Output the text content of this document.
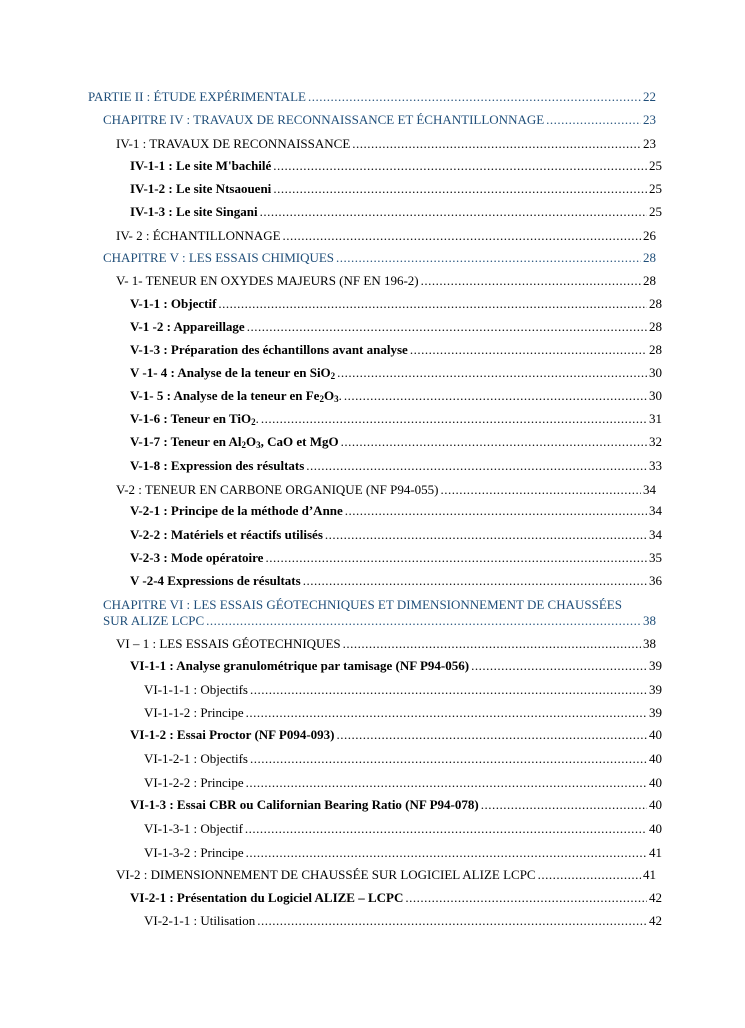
PARTIE II : ÉTUDE EXPÉRIMENTALE .....	22
CHAPITRE IV : TRAVAUX DE RECONNAISSANCE ET ÉCHANTILLONNAGE .....	23
IV-1 : TRAVAUX DE RECONNAISSANCE .....	23
IV-1-1 : Le site M'bachilé .....	25
IV-1-2 : Le site Ntsaoueni .....	25
IV-1-3 : Le site Singani .....	25
IV- 2 : ÉCHANTILLONNAGE .....	26
CHAPITRE V : LES ESSAIS CHIMIQUES .....	28
V- 1- TENEUR EN OXYDES MAJEURS (NF EN 196-2) .....	28
V-1-1 : Objectif .....	28
V-1 -2 : Appareillage .....	28
V-1-3 : Préparation des échantillons avant analyse .....	28
V -1- 4 : Analyse de la teneur en SiO$_2$ .....	30
V-1- 5 : Analyse de la teneur en $Fe_2O_3$. .....	30
V-1-6 : Teneur en TiO$_2$. .....	31
V-1-7 : Teneur en $Al_2O_3$, CaO et MgO .....	32
V-1-8 : Expression des résultats .....	33
V-2 : TENEUR EN CARBONE ORGANIQUE (NF P94-055) .....	34
V-2-1 : Principe de la méthode d’Anne .....	34
V-2-2 : Matériels et réactifs utilisés .....	34
V-2-3 : Mode opératoire .....	35
V -2-4 Expressions de résultats .....	36
CHAPITRE VI : LES ESSAIS GÉOTECHNIQUES ET DIMENSIONNEMENT DE CHAUSSÉES
SUR ALIZE LCPC .....	38
VI – 1 : LES ESSAIS GÉOTECHNIQUES .....	38
VI-1-1 : Analyse granulométrique par tamisage (NF P94-056) .....	39
VI-1-1-1 : Objectifs .....	39
VI-1-1-2 : Principe .....	39
VI-1-2 : Essai Proctor (NF P094-093) .....	40
VI-1-2-1 : Objectifs .....	40
VI-1-2-2 : Principe .....	40
VI-1-3 : Essai CBR ou Californian Bearing Ratio (NF P94-078) .....	40
VI-1-3-1 : Objectif .....	40
VI-1-3-2 : Principe .....	41
VI-2 : DIMENSIONNEMENT DE CHAUSSÉE SUR LOGICIEL ALIZE LCPC .....	41
VI-2-1 : Présentation du Logiciel ALIZE – LCPC .....	42
VI-2-1-1 : Utilisation .....	42
